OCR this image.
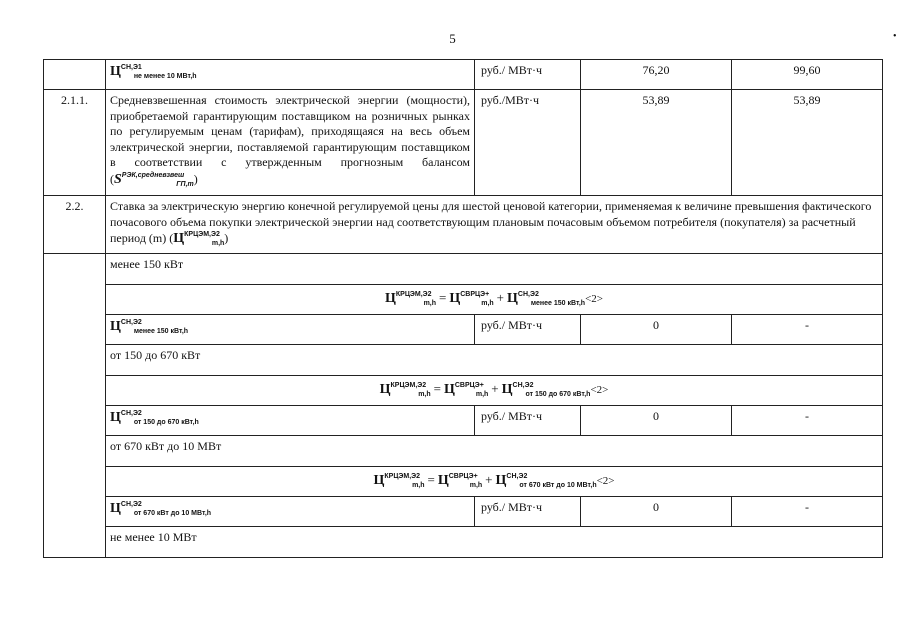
5	•
	$Ц^{СН,Э1}_{не менее 10 МВт,h}$	руб./ МВт·ч	76,20	99,60
2.1.1.	Средневзвешенная стоимость электрической энергии (мощности), приобретаемой гарантирующим поставщиком на розничных рынках по регулируемым ценам (тарифам), приходящаяся на весь объем электрической энергии, поставляемой гарантирующим поставщиком в соответствии с утвержденным прогнозным балансом $(S^{РЭК,средневзвеш}_{ГП,m})$	руб./МВт·ч	53,89	53,89
2.2.	Ставка за электрическую энергию конечной регулируемой цены для шестой ценовой категории, применяемая к величине превышения фактического почасового объема покупки электрической энергии над соответствующим плановым почасовым объемом потребителя (покупателя) за расчетный период (m) $(Ц^{КРЦЭМ,Э2}_{m,h})$			
	менее 150 кВт			
	$Ц^{КРЦЭМ,Э2}_{m,h} = Ц^{СВРЦЭ+}_{m,h} + Ц^{СН,Э2}_{менее 150 кВт,h}<2>$			
	$Ц^{СН,Э2}_{менее 150 кВт,h}$	руб./ МВт·ч	0	-
	от 150 до 670 кВт			
	$Ц^{КРЦЭМ,Э2}_{m,h} = Ц^{СВРЦЭ+}_{m,h} + Ц^{СН,Э2}_{от 150 до 670 кВт,h}<2>$			
	$Ц^{СН,Э2}_{от 150 до 670 кВт,h}$	руб./ МВт·ч	0	-
	от 670 кВт до 10 МВт			
	$Ц^{КРЦЭМ,Э2}_{m,h} = Ц^{СВРЦЭ+}_{m,h} + Ц^{СН,Э2}_{от 670 кВт до 10 МВт,h}<2>$			
	$Ц^{СН,Э2}_{от 670 кВт до 10 МВт,h}$	руб./ МВт·ч	0	-
	не менее 10 МВт			
